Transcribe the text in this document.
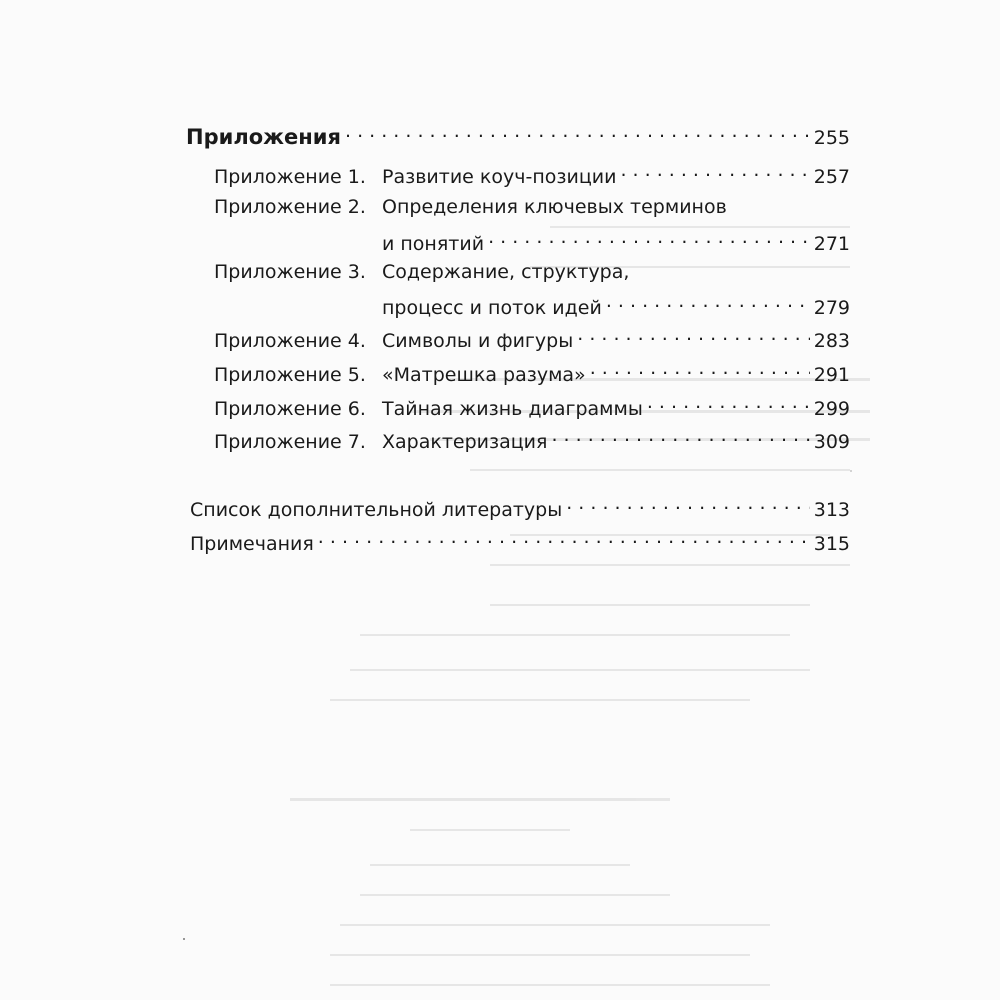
Приложения . . .	255
Приложение 1. Развитие коуч-позиции . . .	257
Приложение 2. Определения ключевых терминов
и понятий . . .	271
Приложение 3. Содержание, структура,
процесс и поток идей . . .	279
Приложение 4. Символы и фигуры . . .	283
Приложение 5. «Матрешка разума» . . .	291
Приложение 6. Тайная жизнь диаграммы . . .	299
Приложение 7. Характеризация . . .	309
Список дополнительной литературы . . .	313
Примечания . . .	315
